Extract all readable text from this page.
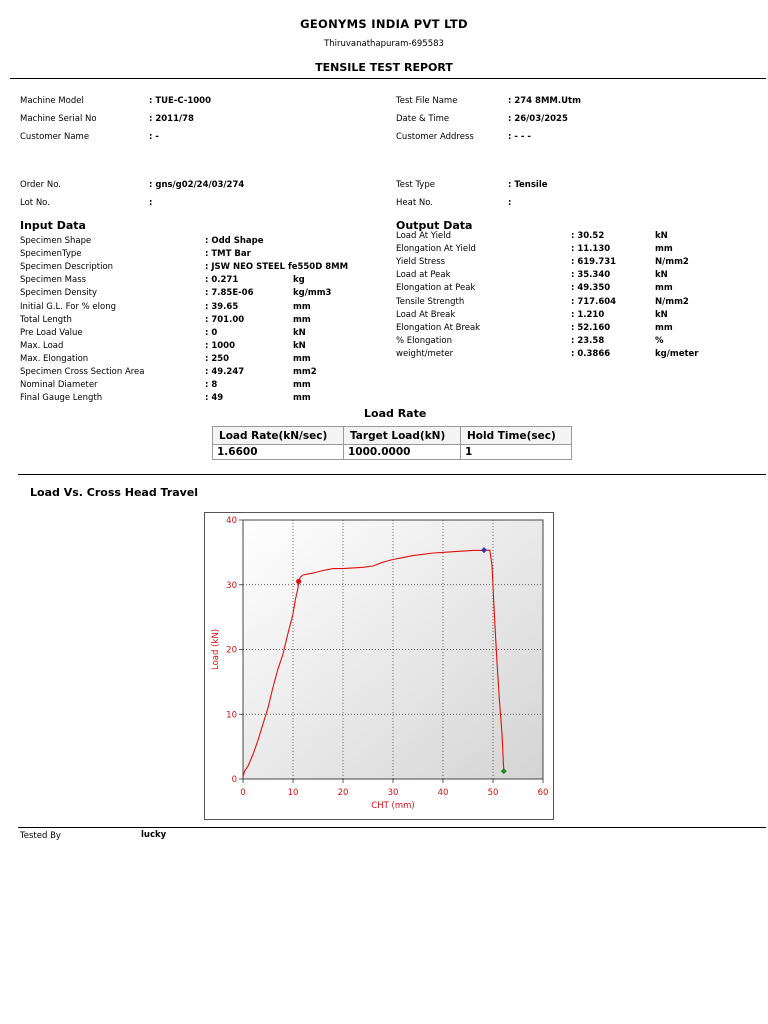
GEONYMS INDIA PVT LTD
Thiruvanathapuram-695583
TENSILE TEST REPORT
Machine Model	: TUE-C-1000
Machine Serial No	: 2011/78
Customer Name	: -
Order No.	: gns/g02/24/03/274
Lot No.	:
Test File Name	: 274 8MM.Utm
Date & Time	: 26/03/2025
Customer Address	: - - -
Test Type	: Tensile
Heat No.	:
Input Data
Specimen Shape	: Odd Shape
SpecimenType	: TMT Bar
Specimen Description	: JSW NEO STEEL fe550D 8MM
Specimen Mass	: 0.271	kg
Specimen Density	: 7.85E-06	kg/mm3
Initial G.L. For % elong	: 39.65	mm
Total Length	: 701.00	mm
Pre Load Value	: 0	kN
Max. Load	: 1000	kN
Max. Elongation	: 250	mm
Specimen Cross Section Area	: 49.247	mm2
Nominal Diameter	: 8	mm
Final Gauge Length	: 49	mm
Output Data
Load At Yield	: 30.52	kN
Elongation At Yield	: 11.130	mm
Yield Stress	: 619.731	N/mm2
Load at Peak	: 35.340	kN
Elongation at Peak	: 49.350	mm
Tensile Strength	: 717.604	N/mm2
Load At Break	: 1.210	kN
Elongation At Break	: 52.160	mm
% Elongation	: 23.58	%
weight/meter	: 0.3866	kg/meter
Load Rate
Load Rate(kN/sec)	Target Load(kN)	Hold Time(sec)
1.6600	1000.0000	1
Load Vs. Cross Head Travel
0	10	20	30	40	50	60
0
10
20
30
40
CHT (mm)
Load (kN)
Tested By	lucky
